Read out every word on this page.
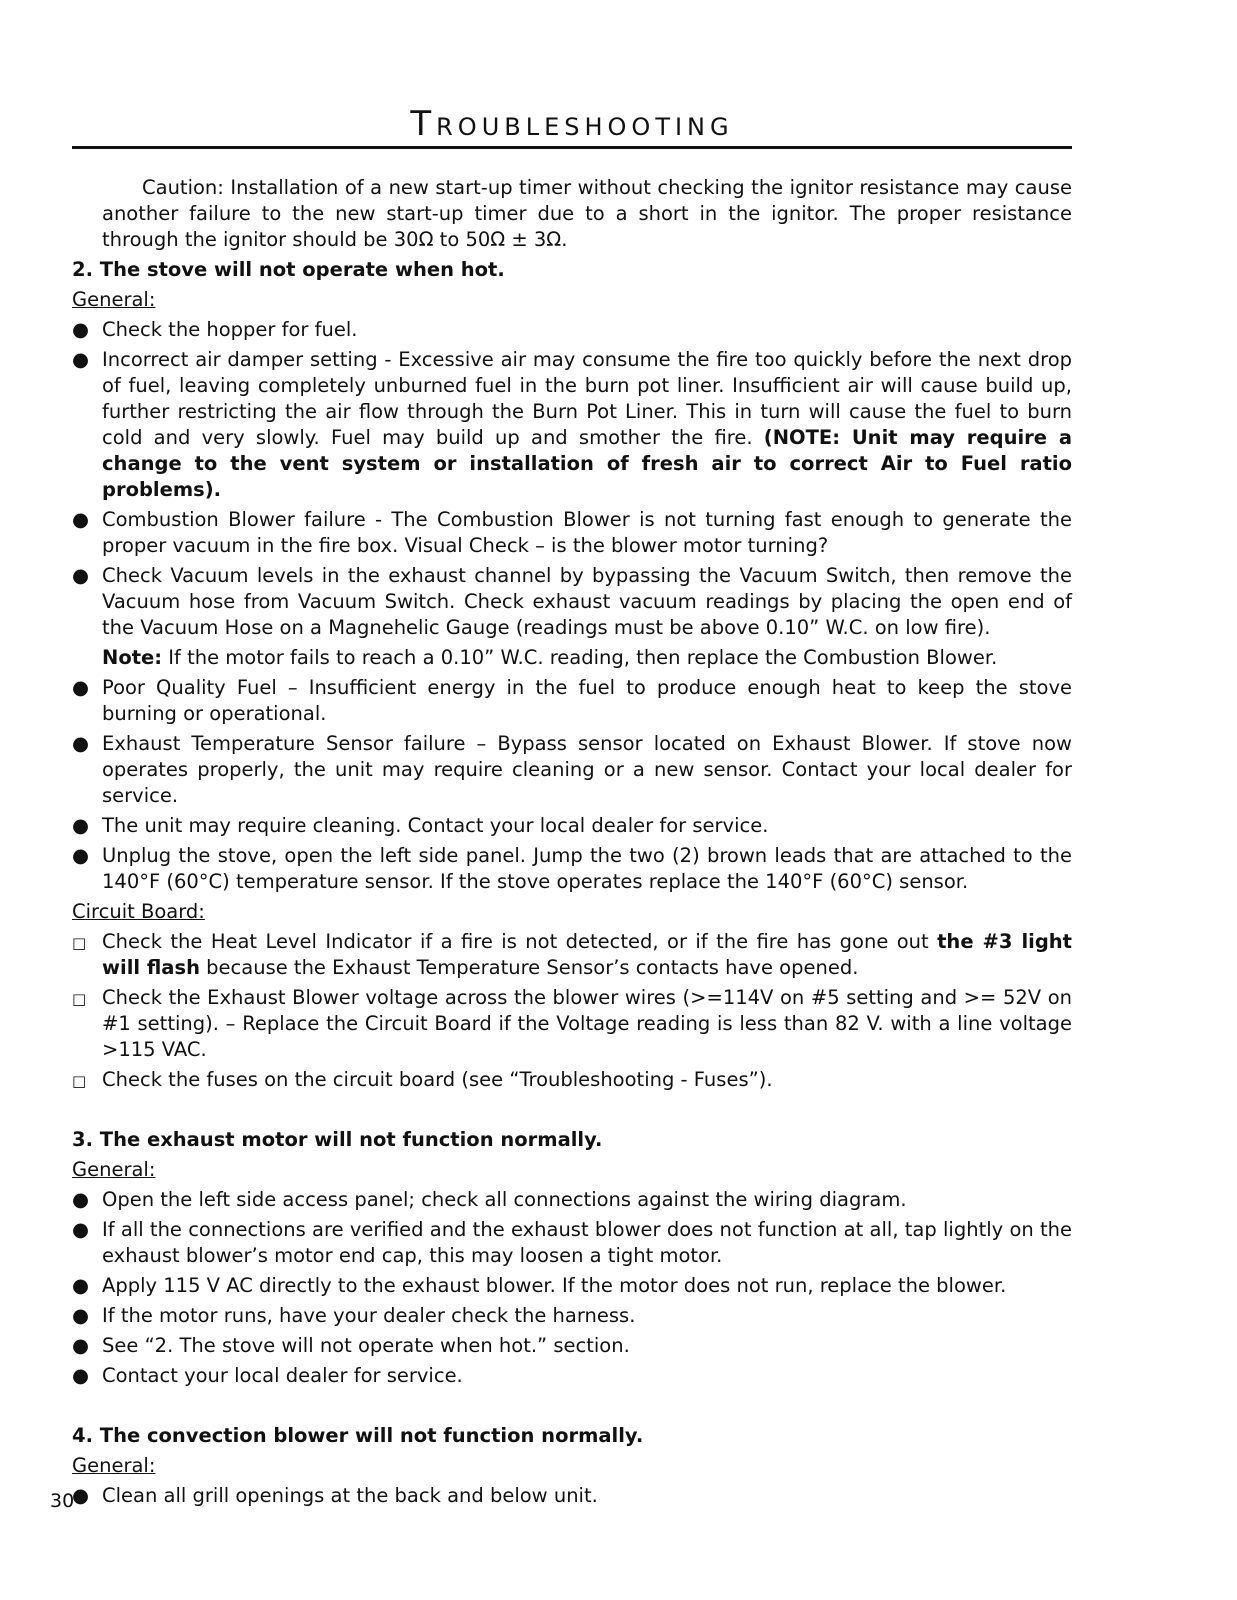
Troubleshooting

Caution: Installation of a new start-up timer without checking the ignitor resistance may cause another failure to the new start-up timer due to a short in the ignitor. The proper resistance through the ignitor should be 30Ω to 50Ω ± 3Ω.

2. The stove will not operate when hot.

General:

● Check the hopper for fuel.
● Incorrect air damper setting - Excessive air may consume the fire too quickly before the next drop of fuel, leaving completely unburned fuel in the burn pot liner. Insufficient air will cause build up, further restricting the air flow through the Burn Pot Liner. This in turn will cause the fuel to burn cold and very slowly. Fuel may build up and smother the fire. (NOTE: Unit may require a change to the vent system or installation of fresh air to correct Air to Fuel ratio problems).
● Combustion Blower failure - The Combustion Blower is not turning fast enough to generate the proper vacuum in the fire box. Visual Check – is the blower motor turning?
● Check Vacuum levels in the exhaust channel by bypassing the Vacuum Switch, then remove the Vacuum hose from Vacuum Switch. Check exhaust vacuum readings by placing the open end of the Vacuum Hose on a Magnehelic Gauge (readings must be above 0.10” W.C. on low fire).

Note: If the motor fails to reach a 0.10” W.C. reading, then replace the Combustion Blower.

● Poor Quality Fuel – Insufficient energy in the fuel to produce enough heat to keep the stove burning or operational.
● Exhaust Temperature Sensor failure – Bypass sensor located on Exhaust Blower. If stove now operates properly, the unit may require cleaning or a new sensor. Contact your local dealer for service.
● The unit may require cleaning. Contact your local dealer for service.
● Unplug the stove, open the left side panel. Jump the two (2) brown leads that are attached to the 140°F (60°C) temperature sensor. If the stove operates replace the 140°F (60°C) sensor.

Circuit Board:

□ Check the Heat Level Indicator if a fire is not detected, or if the fire has gone out the #3 light will flash because the Exhaust Temperature Sensor’s contacts have opened.
□ Check the Exhaust Blower voltage across the blower wires (>=114V on #5 setting and >= 52V on #1 setting). – Replace the Circuit Board if the Voltage reading is less than 82 V. with a line voltage >115 VAC.
□ Check the fuses on the circuit board (see “Troubleshooting - Fuses”).

3. The exhaust motor will not function normally.

General:

● Open the left side access panel; check all connections against the wiring diagram.
● If all the connections are verified and the exhaust blower does not function at all, tap lightly on the exhaust blower’s motor end cap, this may loosen a tight motor.
● Apply 115 V AC directly to the exhaust blower. If the motor does not run, replace the blower.
● If the motor runs, have your dealer check the harness.
● See “2. The stove will not operate when hot.” section.
● Contact your local dealer for service.

4. The convection blower will not function normally.

General:

● Clean all grill openings at the back and below unit.
30
